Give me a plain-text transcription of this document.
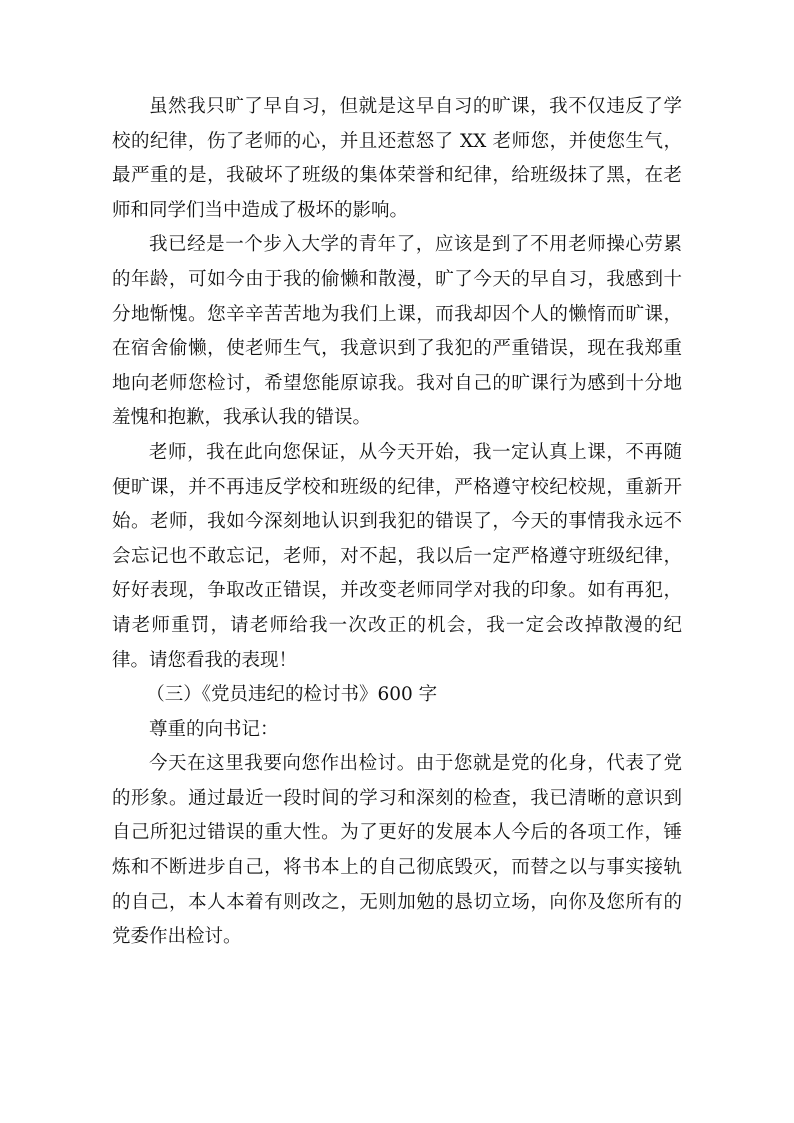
虽然我只旷了早自习，但就是这早自习的旷课，我不仅违反了学校的纪律，伤了老师的心，并且还惹怒了 XX 老师您，并使您生气，最严重的是，我破坏了班级的集体荣誉和纪律，给班级抹了黑，在老师和同学们当中造成了极坏的影响。

我已经是一个步入大学的青年了，应该是到了不用老师操心劳累的年龄，可如今由于我的偷懒和散漫，旷了今天的早自习，我感到十分地惭愧。您辛辛苦苦地为我们上课，而我却因个人的懒惰而旷课，在宿舍偷懒，使老师生气，我意识到了我犯的严重错误，现在我郑重地向老师您检讨，希望您能原谅我。我对自己的旷课行为感到十分地羞愧和抱歉，我承认我的错误。

老师，我在此向您保证，从今天开始，我一定认真上课，不再随便旷课，并不再违反学校和班级的纪律，严格遵守校纪校规，重新开始。老师，我如今深刻地认识到我犯的错误了，今天的事情我永远不会忘记也不敢忘记，老师，对不起，我以后一定严格遵守班级纪律，好好表现，争取改正错误，并改变老师同学对我的印象。如有再犯，请老师重罚，请老师给我一次改正的机会，我一定会改掉散漫的纪律。请您看我的表现！

（三）《党员违纪的检讨书》600 字

尊重的向书记：

今天在这里我要向您作出检讨。由于您就是党的化身，代表了党的形象。通过最近一段时间的学习和深刻的检查，我已清晰的意识到自己所犯过错误的重大性。为了更好的发展本人今后的各项工作，锤炼和不断进步自己，将书本上的自己彻底毁灭，而替之以与事实接轨的自己，本人本着有则改之，无则加勉的恳切立场，向你及您所有的党委作出检讨。
